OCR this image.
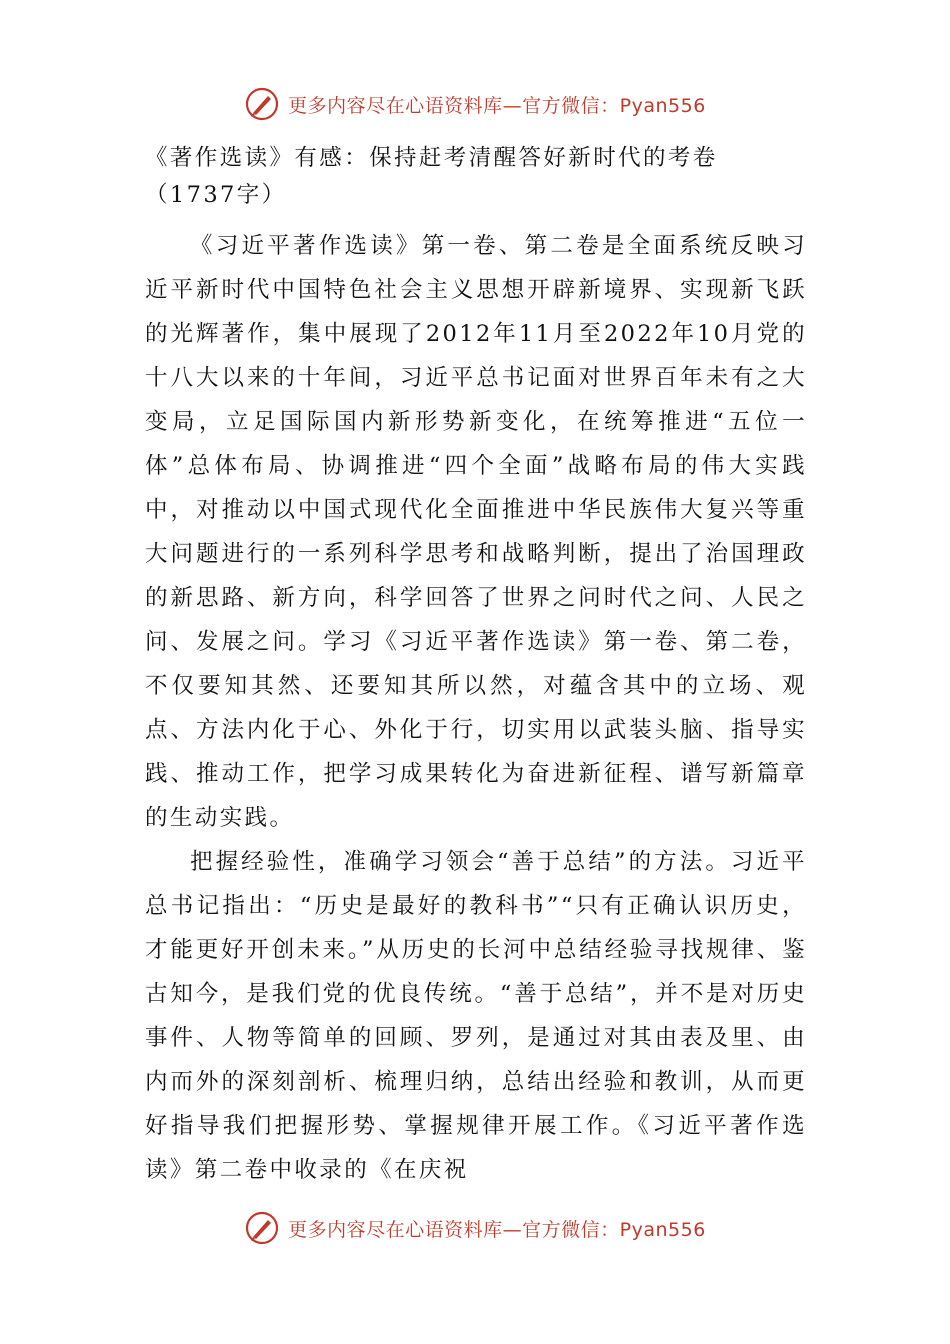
更多内容尽在心语资料库—官方微信：Pyan556
《著作选读》有感：保持赶考清醒答好新时代的考卷（1737字）

《习近平著作选读》第一卷、第二卷是全面系统反映习近平新时代中国特色社会主义思想开辟新境界、实现新飞跃的光辉著作，集中展现了2012年11月至2022年10月党的十八大以来的十年间，习近平总书记面对世界百年未有之大变局，立足国际国内新形势新变化，在统筹推进“五位一体”总体布局、协调推进“四个全面”战略布局的伟大实践中，对推动以中国式现代化全面推进中华民族伟大复兴等重大问题进行的一系列科学思考和战略判断，提出了治国理政的新思路、新方向，科学回答了世界之问时代之问、人民之问、发展之问。学习《习近平著作选读》第一卷、第二卷，不仅要知其然、还要知其所以然，对蕴含其中的立场、观点、方法内化于心、外化于行，切实用以武装头脑、指导实践、推动工作，把学习成果转化为奋进新征程、谱写新篇章的生动实践。

把握经验性，准确学习领会“善于总结”的方法。习近平总书记指出：“历史是最好的教科书”“只有正确认识历史，才能更好开创未来。”从历史的长河中总结经验寻找规律、鉴古知今，是我们党的优良传统。“善于总结”，并不是对历史事件、人物等简单的回顾、罗列，是通过对其由表及里、由内而外的深刻剖析、梳理归纳，总结出经验和教训，从而更好指导我们把握形势、掌握规律开展工作。《习近平著作选读》第二卷中收录的《在庆祝

更多内容尽在心语资料库—官方微信：Pyan556
